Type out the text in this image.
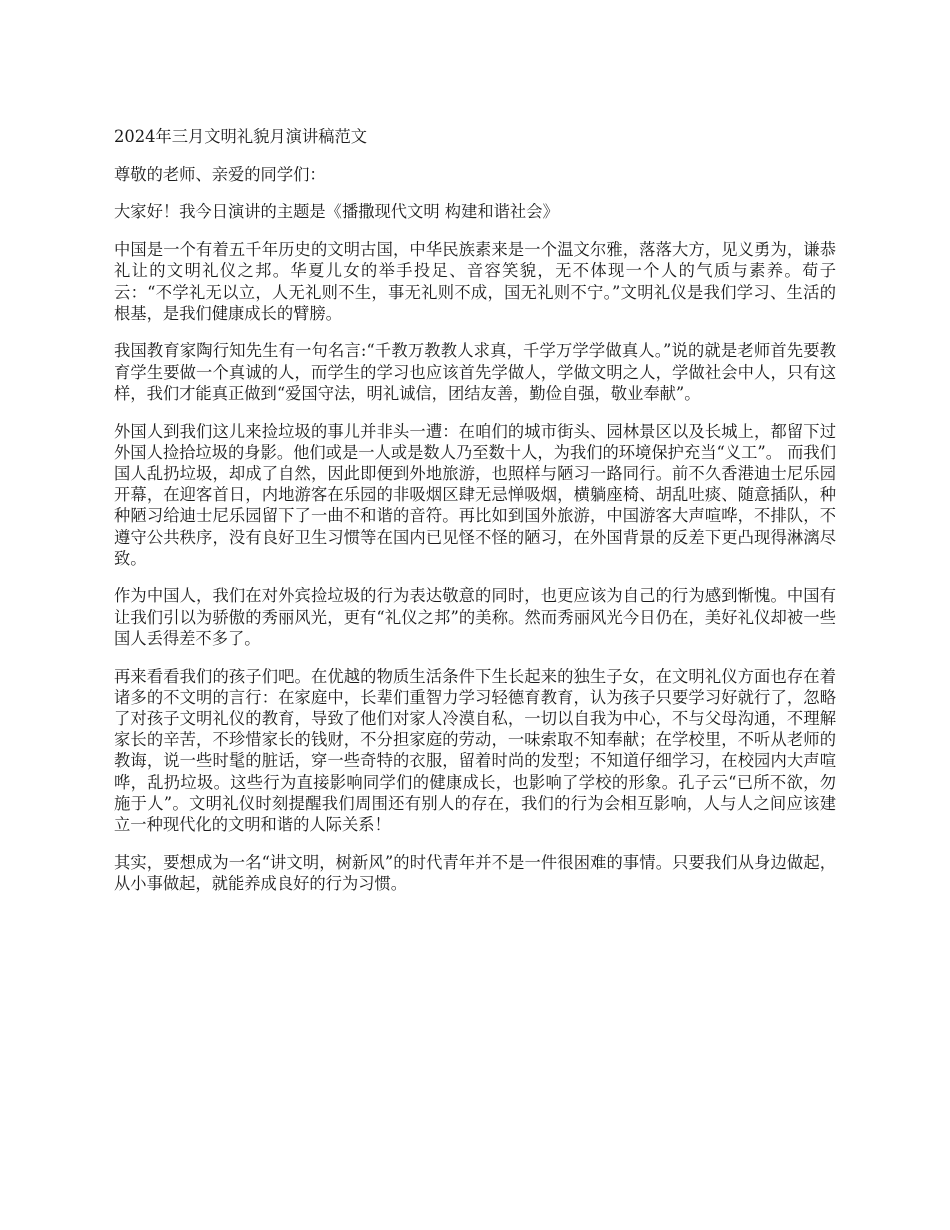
2024年三月文明礼貌月演讲稿范文

尊敬的老师、亲爱的同学们：

大家好！我今日演讲的主题是《播撒现代文明 构建和谐社会》

中国是一个有着五千年历史的文明古国，中华民族素来是一个温文尔雅，落落大方，见义勇为，谦恭礼让的文明礼仪之邦。华夏儿女的举手投足、音容笑貌，无不体现一个人的气质与素养。荀子云：“不学礼无以立，人无礼则不生，事无礼则不成，国无礼则不宁。”文明礼仪是我们学习、生活的根基，是我们健康成长的臂膀。

我国教育家陶行知先生有一句名言:“千教万教教人求真，千学万学学做真人。”说的就是老师首先要教育学生要做一个真诚的人，而学生的学习也应该首先学做人，学做文明之人，学做社会中人，只有这样，我们才能真正做到“爱国守法，明礼诚信，团结友善，勤俭自强，敬业奉献”。

外国人到我们这儿来捡垃圾的事儿并非头一遭：在咱们的城市街头、园林景区以及长城上，都留下过外国人捡拾垃圾的身影。他们或是一人或是数人乃至数十人，为我们的环境保护充当“义工”。 而我们国人乱扔垃圾，却成了自然，因此即便到外地旅游，也照样与陋习一路同行。前不久香港迪士尼乐园开幕，在迎客首日，内地游客在乐园的非吸烟区肆无忌惮吸烟，横躺座椅、胡乱吐痰、随意插队，种种陋习给迪士尼乐园留下了一曲不和谐的音符。再比如到国外旅游，中国游客大声喧哗，不排队，不遵守公共秩序，没有良好卫生习惯等在国内已见怪不怪的陋习，在外国背景的反差下更凸现得淋漓尽致。

作为中国人，我们在对外宾捡垃圾的行为表达敬意的同时，也更应该为自己的行为感到惭愧。中国有让我们引以为骄傲的秀丽风光，更有“礼仪之邦”的美称。然而秀丽风光今日仍在，美好礼仪却被一些国人丢得差不多了。

再来看看我们的孩子们吧。在优越的物质生活条件下生长起来的独生子女，在文明礼仪方面也存在着诸多的不文明的言行：在家庭中，长辈们重智力学习轻德育教育，认为孩子只要学习好就行了，忽略了对孩子文明礼仪的教育，导致了他们对家人冷漠自私，一切以自我为中心，不与父母沟通，不理解家长的辛苦，不珍惜家长的钱财，不分担家庭的劳动，一味索取不知奉献；在学校里，不听从老师的教诲，说一些时髦的脏话，穿一些奇特的衣服，留着时尚的发型；不知道仔细学习，在校园内大声喧哗，乱扔垃圾。这些行为直接影响同学们的健康成长，也影响了学校的形象。孔子云“已所不欲，勿施于人”。文明礼仪时刻提醒我们周围还有别人的存在，我们的行为会相互影响，人与人之间应该建立一种现代化的文明和谐的人际关系！

其实，要想成为一名“讲文明，树新风”的时代青年并不是一件很困难的事情。只要我们从身边做起，从小事做起，就能养成良好的行为习惯。
